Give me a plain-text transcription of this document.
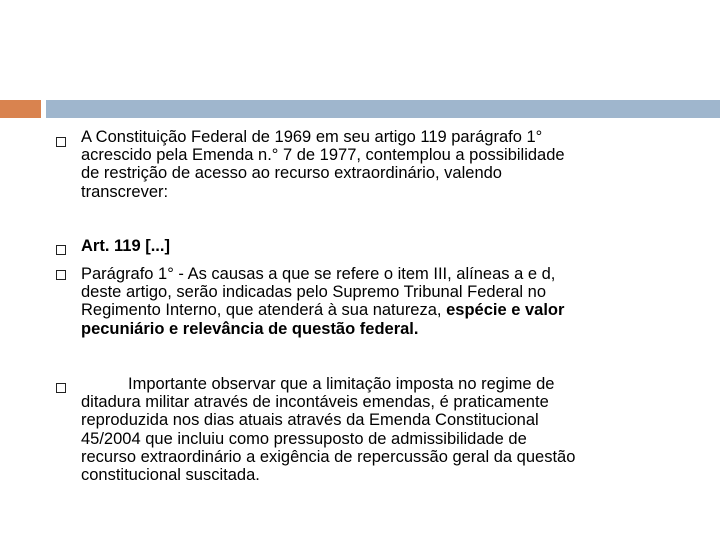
A Constituição Federal de 1969 em seu artigo 119 parágrafo 1°
acrescido pela Emenda n.° 7 de 1977, contemplou a possibilidade
de restrição de acesso ao recurso extraordinário, valendo
transcrever:

Art. 119 [...]

Parágrafo 1° - As causas a que se refere o item III, alíneas a e d,
deste artigo, serão indicadas pelo Supremo Tribunal Federal no
Regimento Interno, que atenderá à sua natureza, espécie e valor
pecuniário e relevância de questão federal.

Importante observar que a limitação imposta no regime de
ditadura militar através de incontáveis emendas, é praticamente
reproduzida nos dias atuais através da Emenda Constitucional
45/2004 que incluiu como pressuposto de admissibilidade de
recurso extraordinário a exigência de repercussão geral da questão
constitucional suscitada.
